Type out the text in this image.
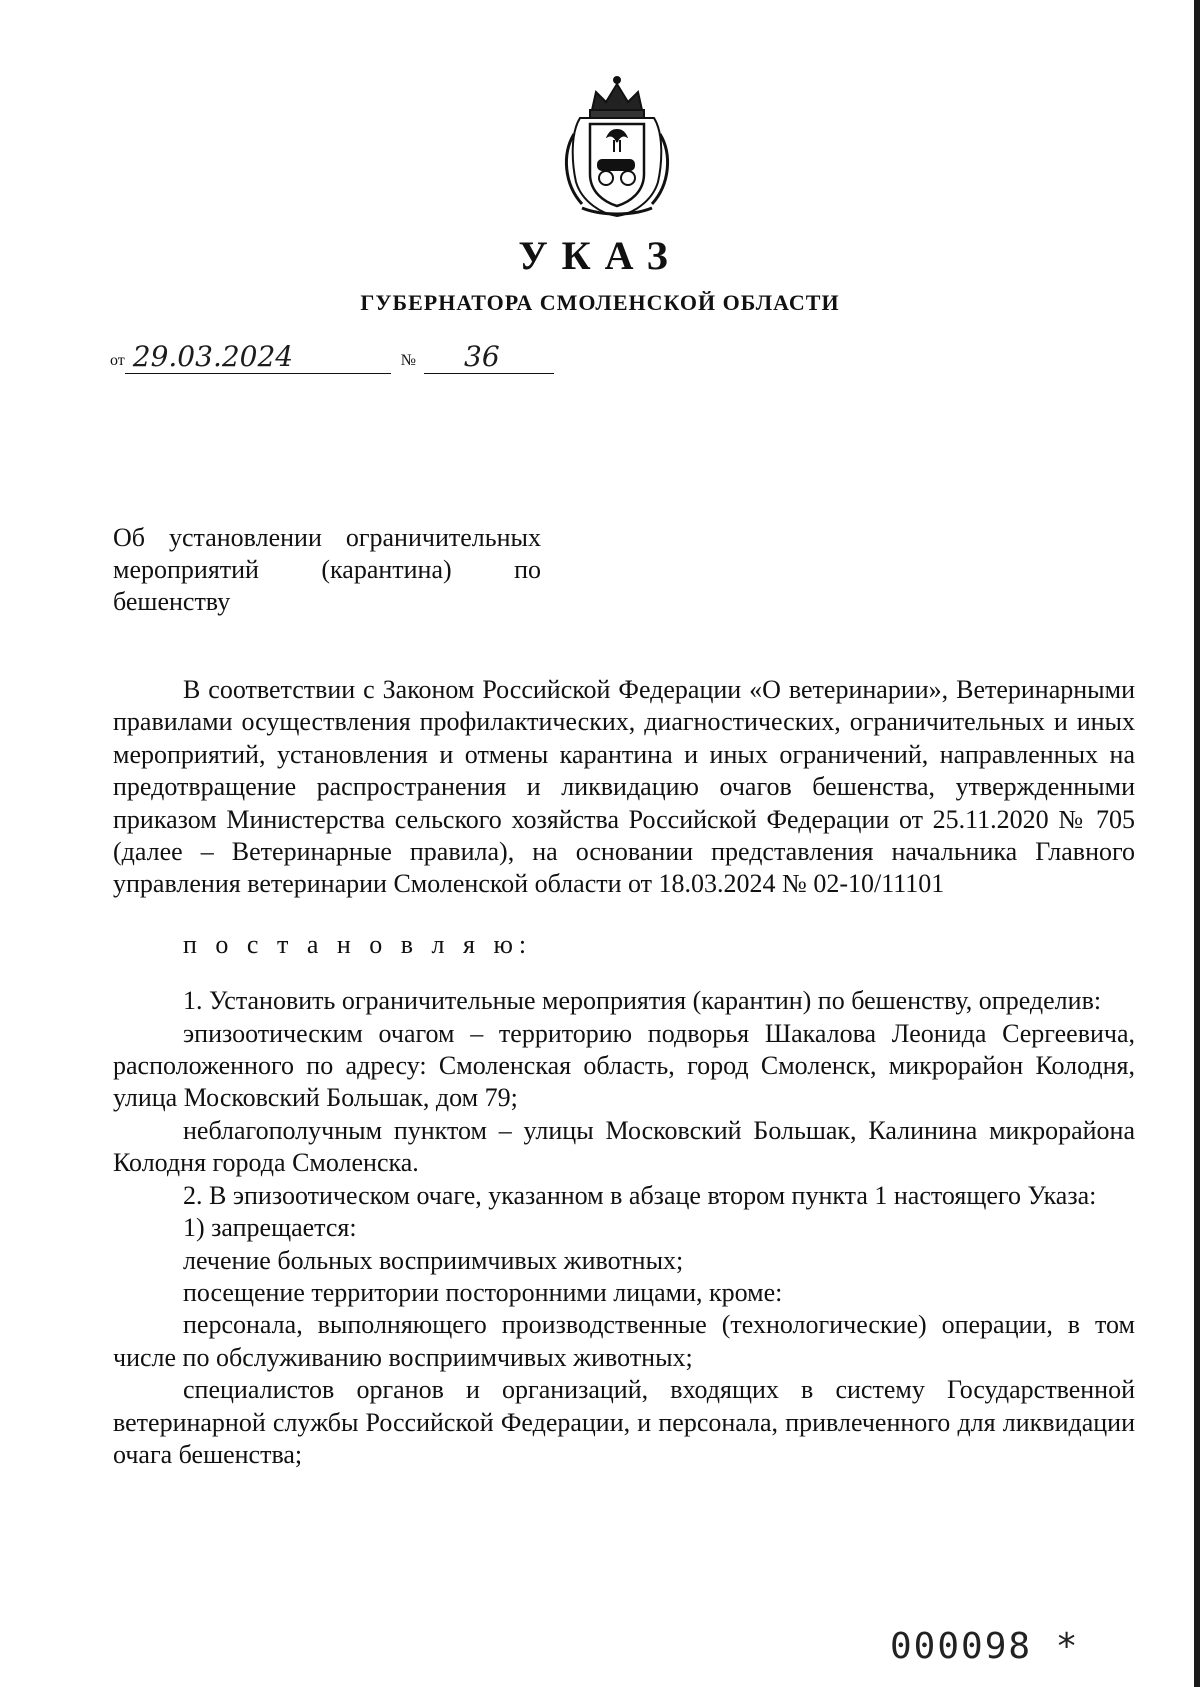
УКАЗ
ГУБЕРНАТОРА СМОЛЕНСКОЙ ОБЛАСТИ
от 29.03.2024	№	36
Об установлении ограничительных
мероприятий (карантина) по
бешенству

В соответствии с Законом Российской Федерации «О ветеринарии», Ветеринарными правилами осуществления профилактических, диагностических, ограничительных и иных мероприятий, установления и отмены карантина и иных ограничений, направленных на предотвращение распространения и ликвидацию очагов бешенства, утвержденными приказом Министерства сельского хозяйства Российской Федерации от 25.11.2020 № 705 (далее – Ветеринарные правила), на основании представления начальника Главного управления ветеринарии Смоленской области от 18.03.2024 № 02-10/11101

п о с т а н о в л я ю:

1. Установить ограничительные мероприятия (карантин) по бешенству, определив:

эпизоотическим очагом – территорию подворья Шакалова Леонида Сергеевича, расположенного по адресу: Смоленская область, город Смоленск, микрорайон Колодня, улица Московский Большак, дом 79;

неблагополучным пунктом – улицы Московский Большак, Калинина микрорайона Колодня города Смоленска.

2. В эпизоотическом очаге, указанном в абзаце втором пункта 1 настоящего Указа:

1) запрещается:

лечение больных восприимчивых животных;

посещение территории посторонними лицами, кроме:

персонала, выполняющего производственные (технологические) операции, в том числе по обслуживанию восприимчивых животных;

специалистов органов и организаций, входящих в систему Государственной ветеринарной службы Российской Федерации, и персонала, привлеченного для ликвидации очага бешенства;

000098 *
